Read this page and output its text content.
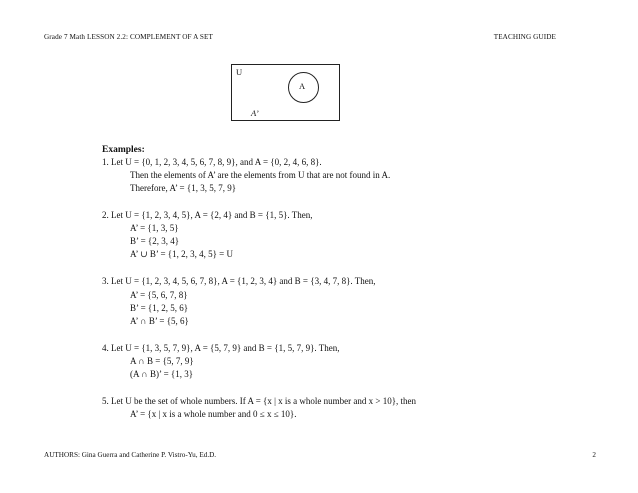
Grade 7 Math LESSON 2.2: COMPLEMENT OF A SET	TEACHING GUIDE
U
A
A’
Examples:
1. Let U = {0, 1, 2, 3, 4, 5, 6, 7, 8, 9}, and A = {0, 2, 4, 6, 8}.
Then the elements of A’ are the elements from U that are not found in A.
Therefore, A’ = {1, 3, 5, 7, 9}
2. Let U = {1, 2, 3, 4, 5}, A = {2, 4} and B = {1, 5}. Then,
A’ = {1, 3, 5}
B’ = {2, 3, 4}
A’ ∪ B’ = {1, 2, 3, 4, 5} = U
3. Let U = {1, 2, 3, 4, 5, 6, 7, 8}, A = {1, 2, 3, 4} and B = {3, 4, 7, 8}. Then,
A’ = {5, 6, 7, 8}
B’ = {1, 2, 5, 6}
A’ ∩ B’ = {5, 6}
4. Let U = {1, 3, 5, 7, 9}, A = {5, 7, 9} and B = {1, 5, 7, 9}. Then,
A ∩ B = {5, 7, 9}
(A ∩ B)’ = {1, 3}
5. Let U be the set of whole numbers. If A = {x | x is a whole number and x > 10}, then
A’ = {x | x is a whole number and 0 ≤ x ≤ 10}.
AUTHORS: Gina Guerra and Catherine P. Vistro-Yu, Ed.D.	2
